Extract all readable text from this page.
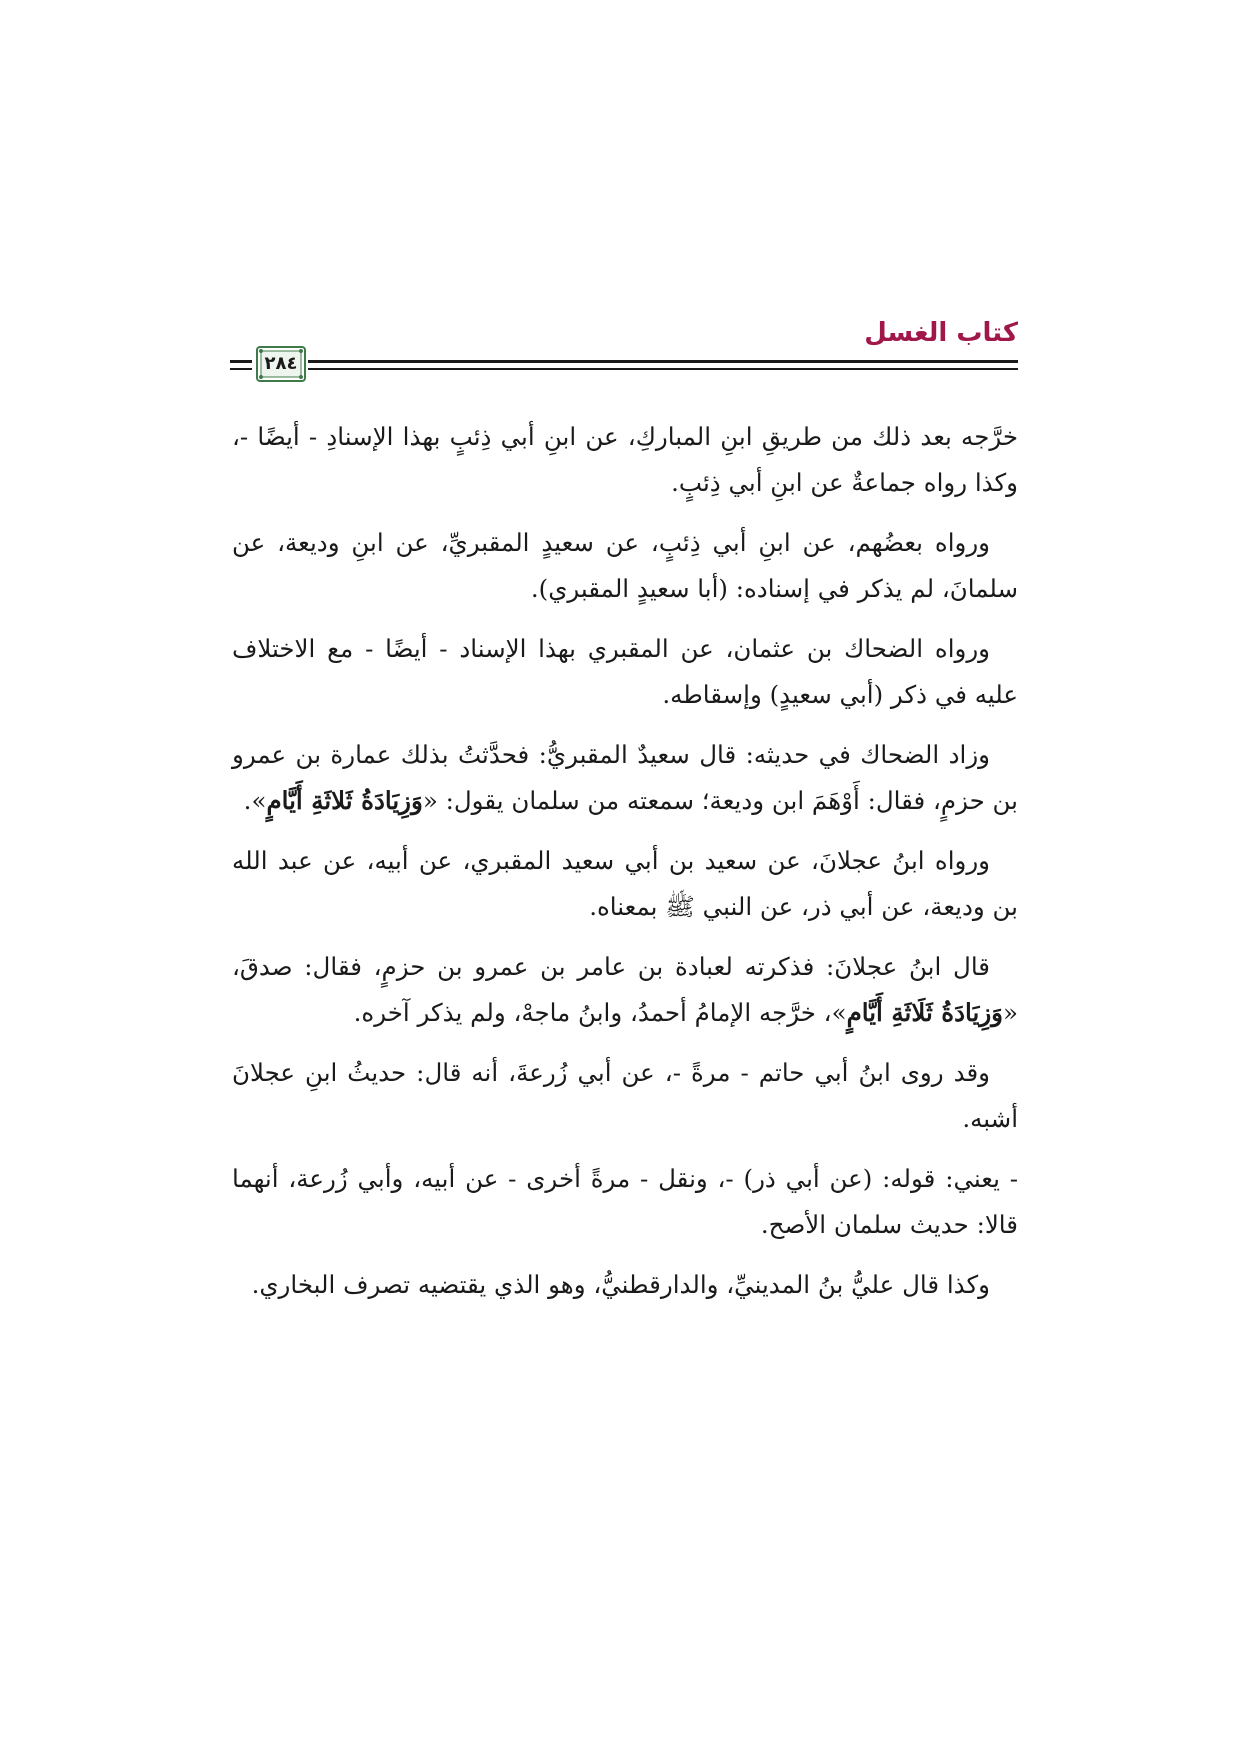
كتاب الغسل
٢٨٤

خرَّجه بعد ذلك من طريقِ ابنِ المباركِ، عن ابنِ أبي ذِئبٍ بهذا الإسنادِ - أيضًا -، وكذا رواه جماعةٌ عن ابنِ أبي ذِئبٍ.

ورواه بعضُهم، عن ابنِ أبي ذِئبٍ، عن سعيدٍ المقبريِّ، عن ابنِ وديعة، عن سلمانَ، لم يذكر في إسناده: (أبا سعيدٍ المقبري).

ورواه الضحاك بن عثمان، عن المقبري بهذا الإسناد - أيضًا - مع الاختلاف عليه في ذكر (أبي سعيدٍ) وإسقاطه.

وزاد الضحاك في حديثه: قال سعيدٌ المقبريُّ: فحدَّثتُ بذلك عمارة بن عمرو بن حزمٍ، فقال: أَوْهَمَ ابن وديعة؛ سمعته من سلمان يقول: «وَزِيَادَةُ ثَلاثَةِ أَيَّامٍ».

ورواه ابنُ عجلانَ، عن سعيد بن أبي سعيد المقبري، عن أبيه، عن عبد الله بن وديعة، عن أبي ذر، عن النبي ﷺ بمعناه.

قال ابنُ عجلانَ: فذكرته لعبادة بن عامر بن عمرو بن حزمٍ، فقال: صدقَ، «وَزِيَادَةُ ثَلَاثَةِ أَيَّامٍ»، خرَّجه الإمامُ أحمدُ، وابنُ ماجهْ، ولم يذكر آخره.

وقد روى ابنُ أبي حاتم - مرةً -، عن أبي زُرعةَ، أنه قال: حديثُ ابنِ عجلانَ أشبه.

- يعني: قوله: (عن أبي ذر) -، ونقل - مرةً أخرى - عن أبيه، وأبي زُرعة، أنهما قالا: حديث سلمان الأصح.

وكذا قال عليُّ بنُ المدينيِّ، والدارقطنيُّ، وهو الذي يقتضيه تصرف البخاري.
